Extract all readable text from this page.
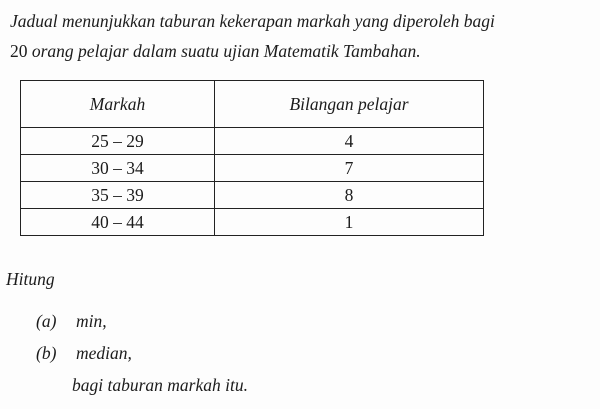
Jadual menunjukkan taburan kekerapan markah yang diperoleh bagi
20 orang pelajar dalam suatu ujian Matematik Tambahan.
Markah	Bilangan pelajar
25 – 29	4
30 – 34	7
35 – 39	8
40 – 44	1
Hitung
(a) min,
(b) median,
bagi taburan markah itu.
